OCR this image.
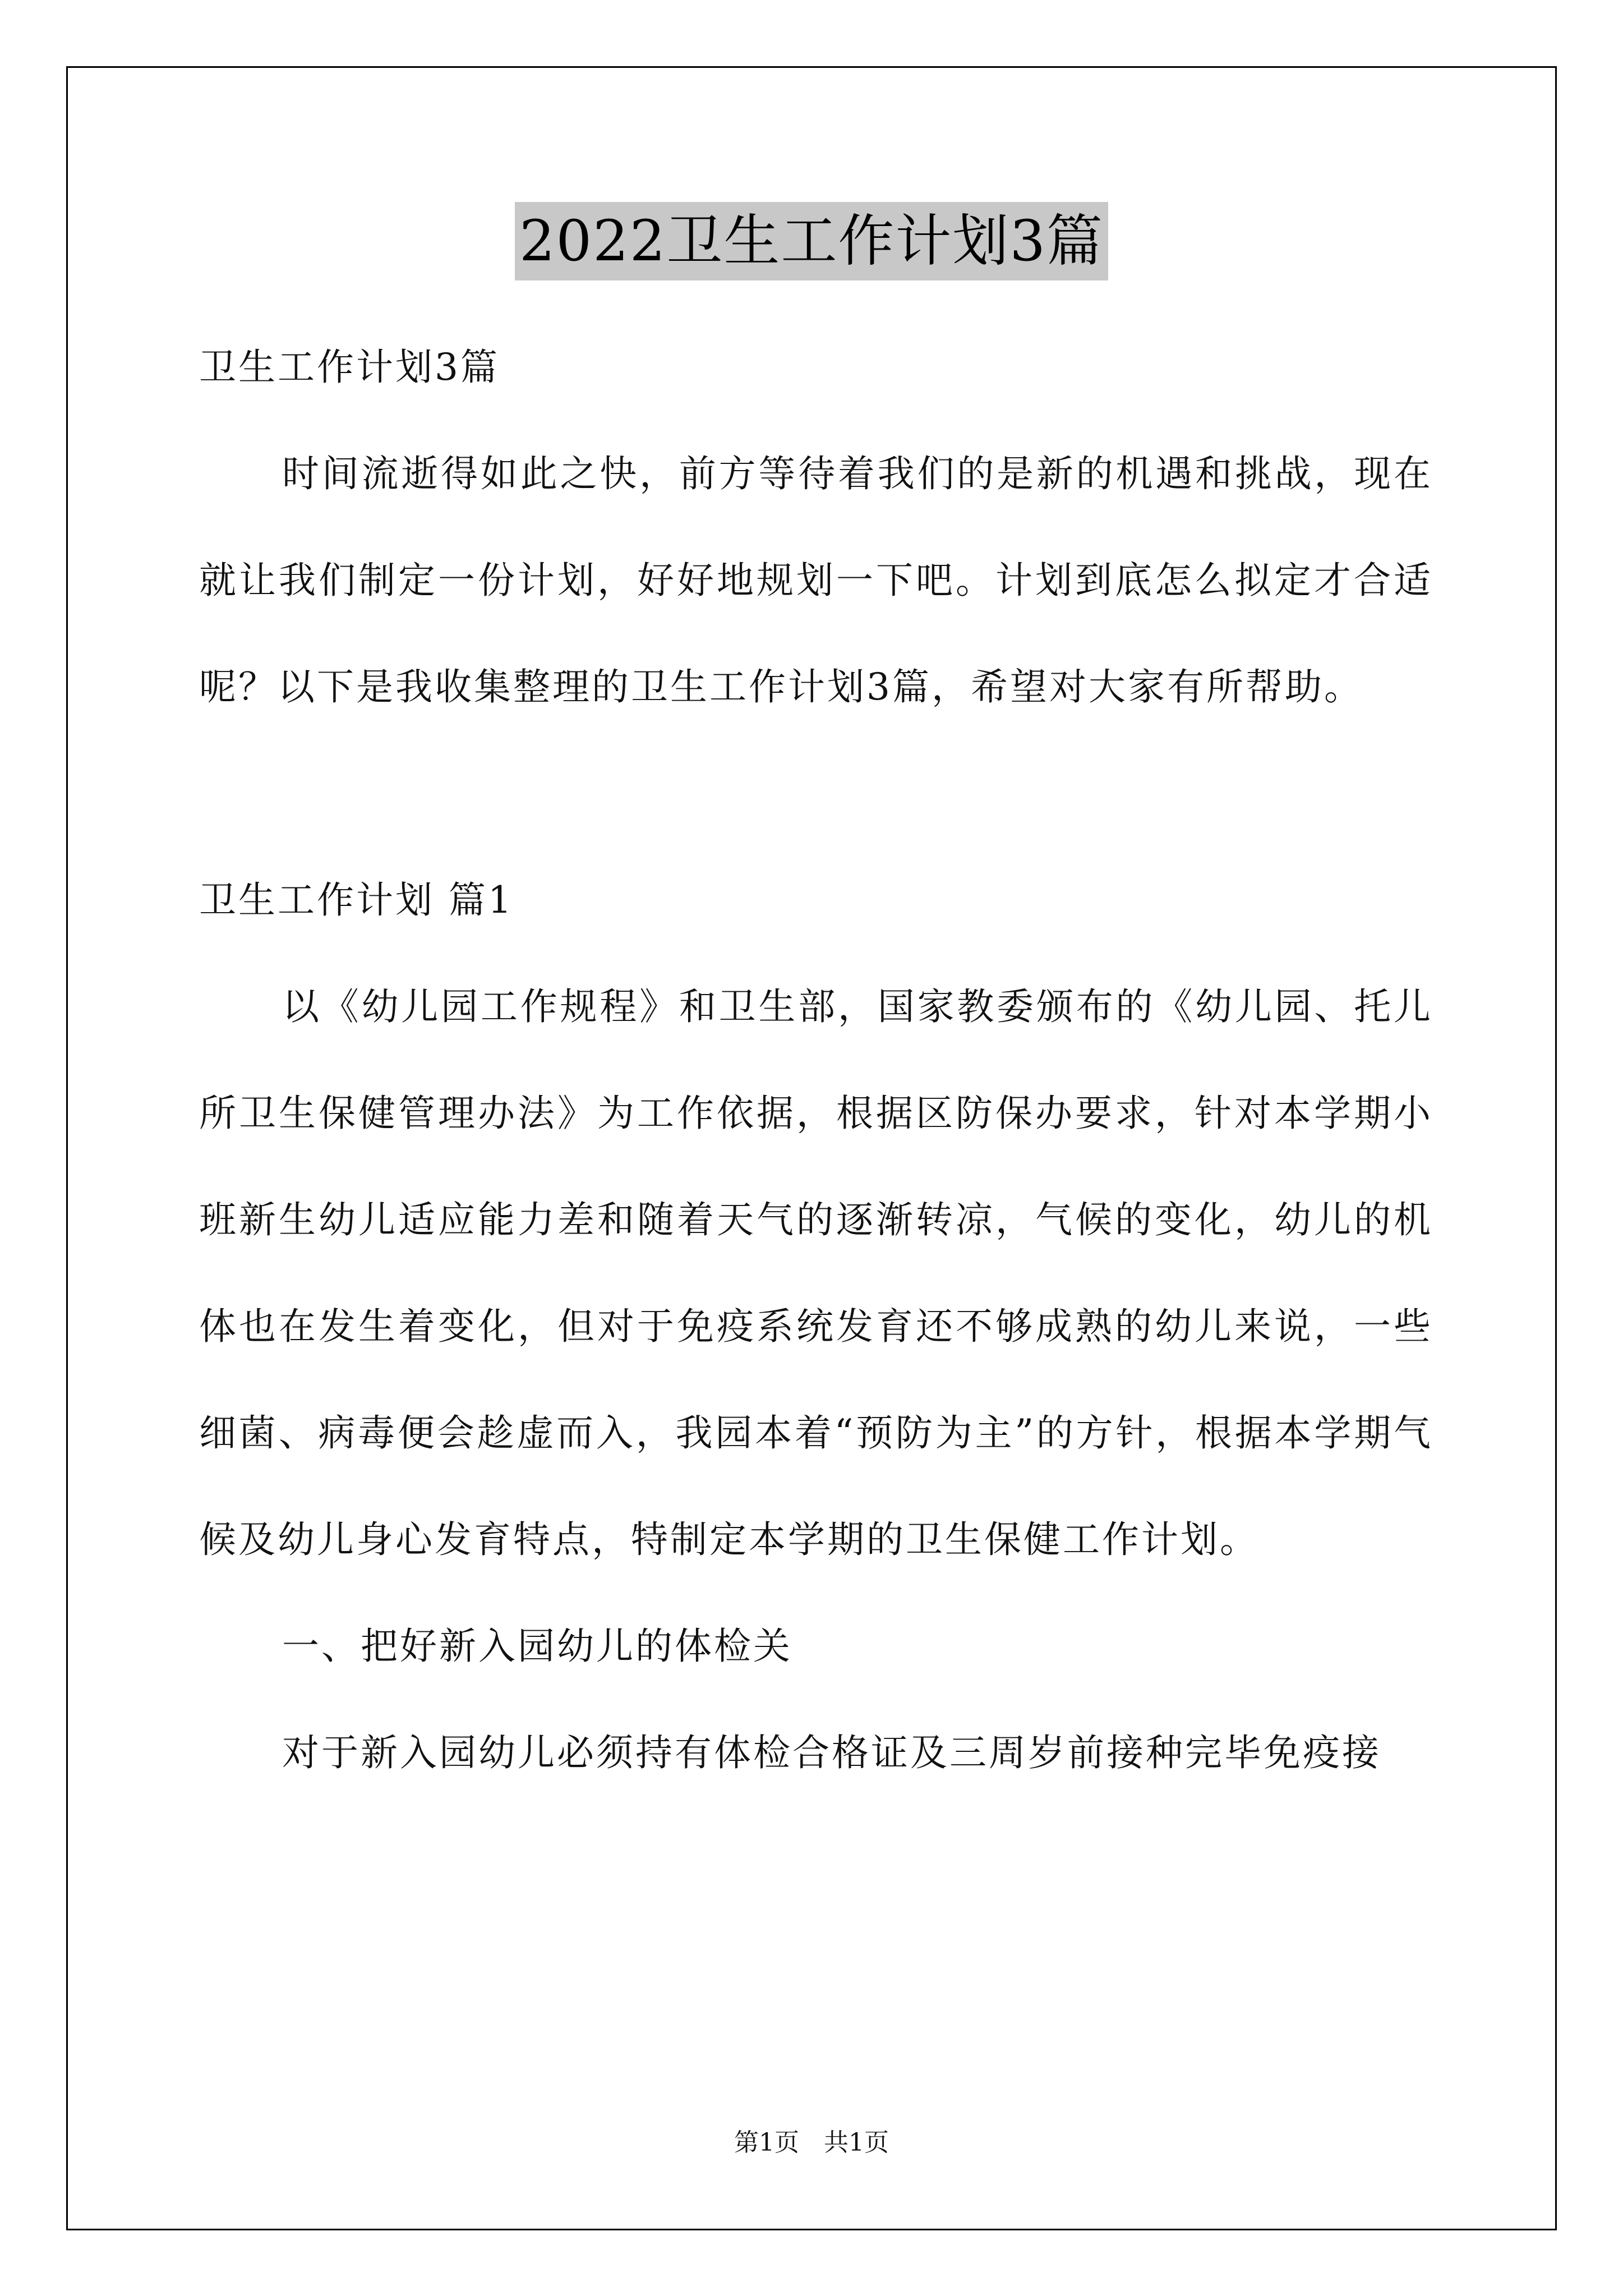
2022卫生工作计划3篇

卫生工作计划3篇

时间流逝得如此之快，前方等待着我们的是新的机遇和挑战，现在就让我们制定一份计划，好好地规划一下吧。计划到底怎么拟定才合适呢？以下是我收集整理的卫生工作计划3篇，希望对大家有所帮助。

卫生工作计划 篇1

以《幼儿园工作规程》和卫生部，国家教委颁布的《幼儿园、托儿所卫生保健管理办法》为工作依据，根据区防保办要求，针对本学期小班新生幼儿适应能力差和随着天气的逐渐转凉，气候的变化，幼儿的机体也在发生着变化，但对于免疫系统发育还不够成熟的幼儿来说，一些细菌、病毒便会趁虚而入，我园本着“预防为主”的方针，根据本学期气候及幼儿身心发育特点，特制定本学期的卫生保健工作计划。

一、把好新入园幼儿的体检关

对于新入园幼儿必须持有体检合格证及三周岁前接种完毕免疫接

第1页　共1页
